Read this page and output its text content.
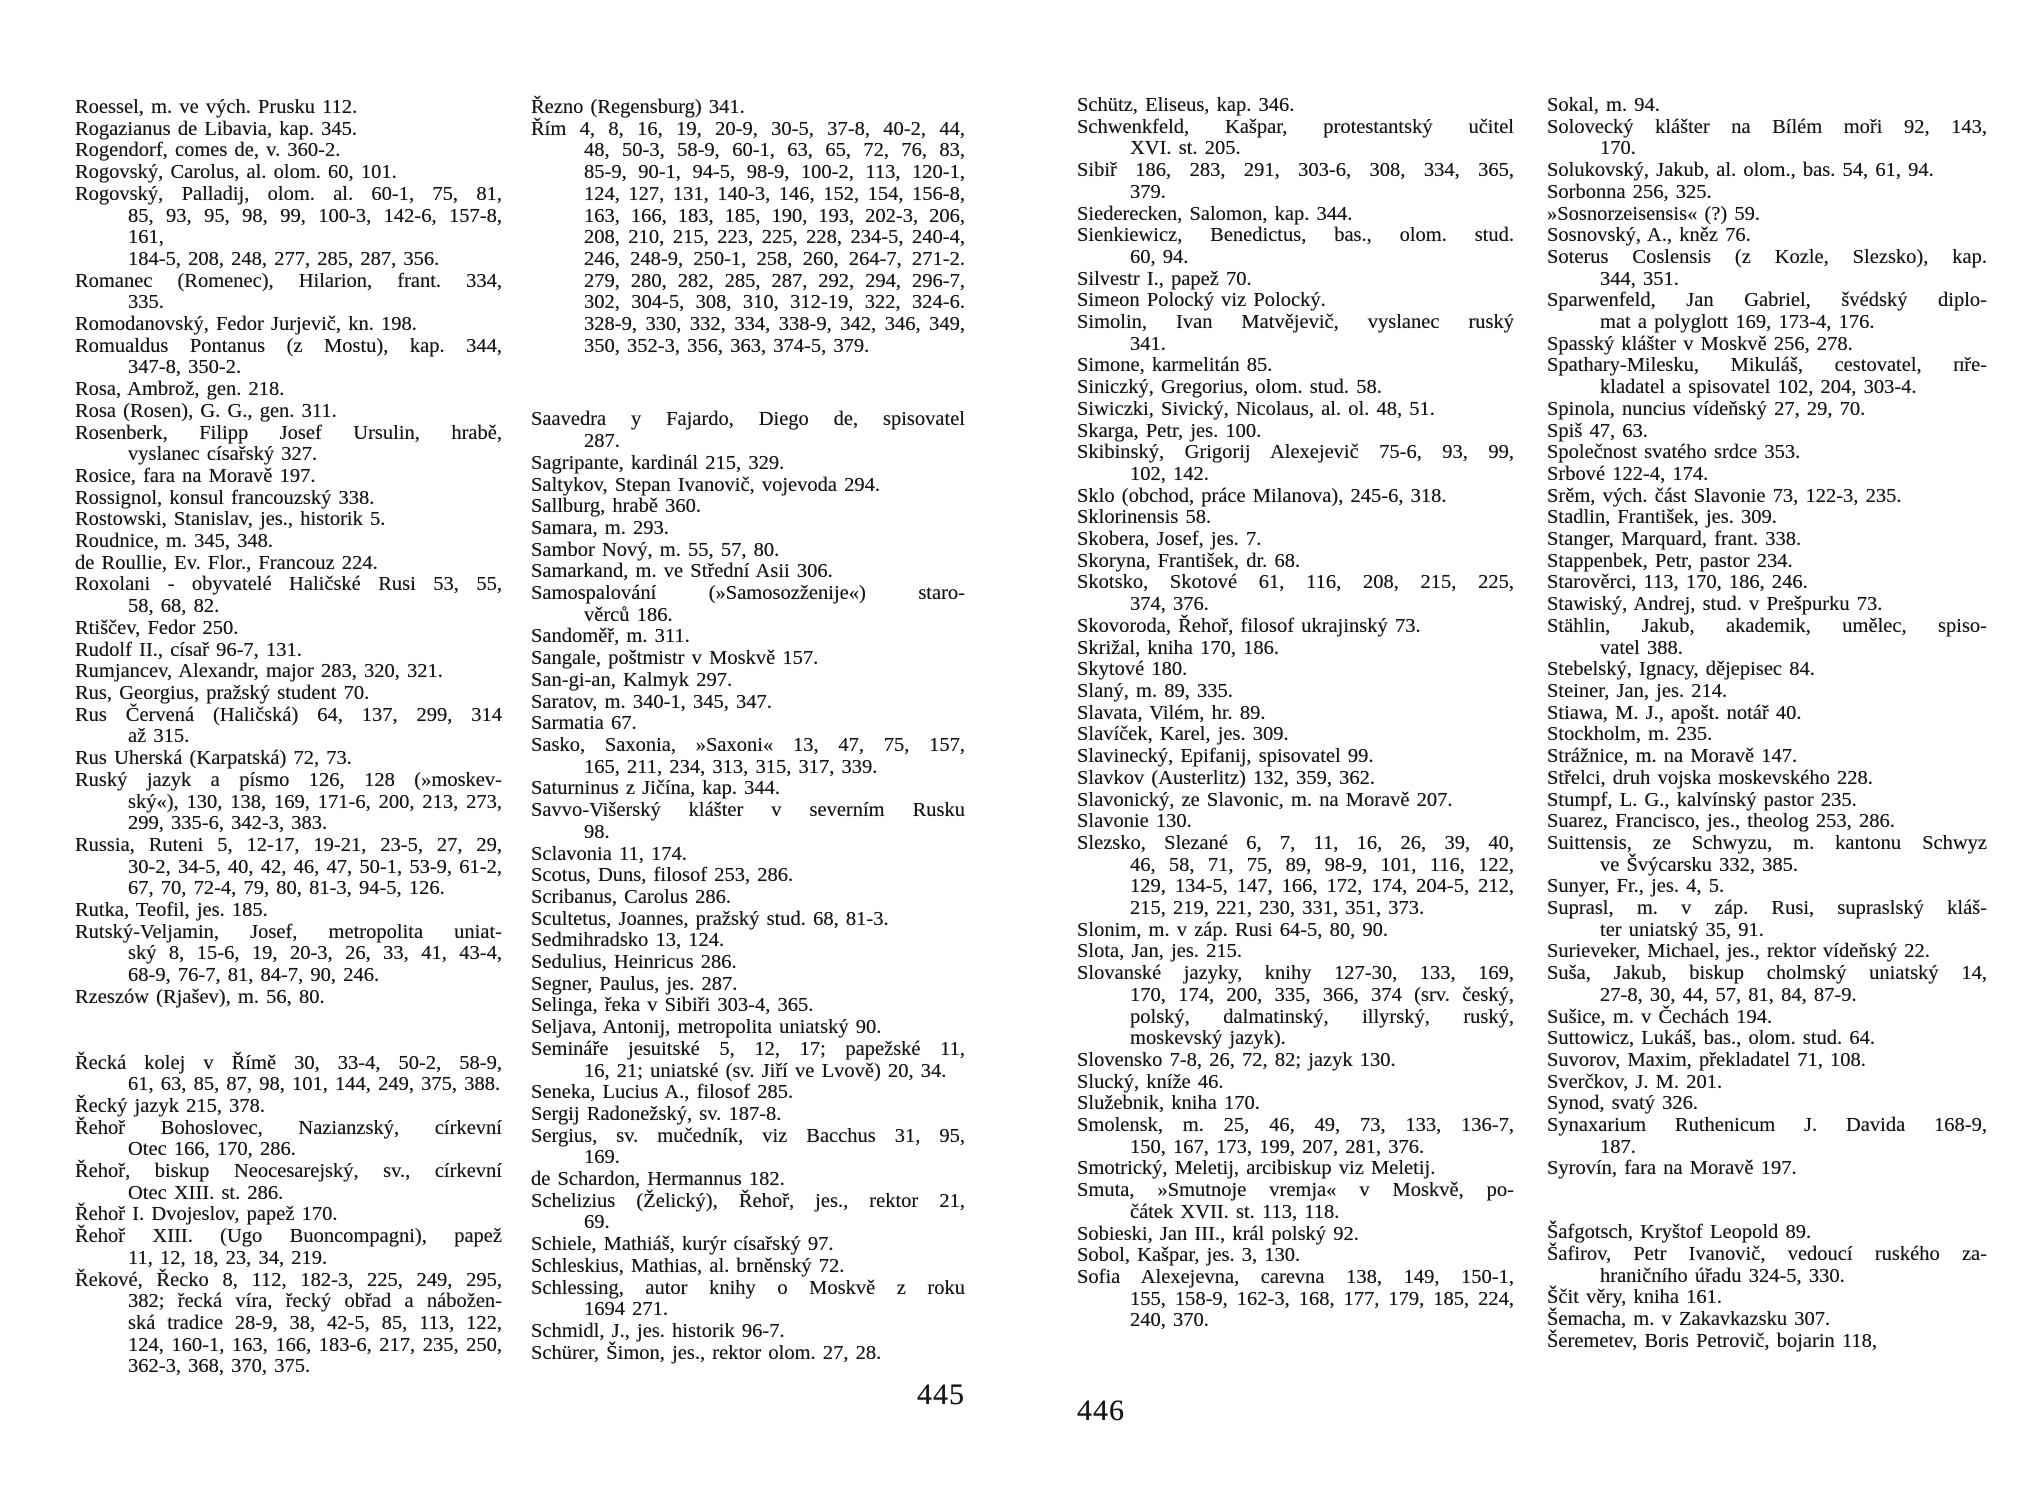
Roessel, m. ve vých. Prusku 112.
Rogazianus de Libavia, kap. 345.
Rogendorf, comes de, v. 360-2.
Rogovský, Carolus, al. olom. 60, 101.
Rogovský, Palladij, olom. al. 60-1, 75, 81,
85, 93, 95, 98, 99, 100-3, 142-6, 157-8, 161,
184-5, 208, 248, 277, 285, 287, 356.
Romanec (Romenec), Hilarion, frant. 334,
335.
Romodanovský, Fedor Jurjevič, kn. 198.
Romualdus Pontanus (z Mostu), kap. 344,
347-8, 350-2.
Rosa, Ambrož, gen. 218.
Rosa (Rosen), G. G., gen. 311.
Rosenberk, Filipp Josef Ursulin, hrabě,
vyslanec císařský 327.
Rosice, fara na Moravě 197.
Rossignol, konsul francouzský 338.
Rostowski, Stanislav, jes., historik 5.
Roudnice, m. 345, 348.
de Roullie, Ev. Flor., Francouz 224.
Roxolani - obyvatelé Haličské Rusi 53, 55,
58, 68, 82.
Rtiščev, Fedor 250.
Rudolf II., císař 96-7, 131.
Rumjancev, Alexandr, major 283, 320, 321.
Rus, Georgius, pražský student 70.
Rus Červená (Haličská) 64, 137, 299, 314
až 315.
Rus Uherská (Karpatská) 72, 73.
Ruský jazyk a písmo 126, 128 (»moskev-
ský«), 130, 138, 169, 171-6, 200, 213, 273,
299, 335-6, 342-3, 383.
Russia, Ruteni 5, 12-17, 19-21, 23-5, 27, 29,
30-2, 34-5, 40, 42, 46, 47, 50-1, 53-9, 61-2,
67, 70, 72-4, 79, 80, 81-3, 94-5, 126.
Rutka, Teofil, jes. 185.
Rutský-Veljamin, Josef, metropolita uniat-
ský 8, 15-6, 19, 20-3, 26, 33, 41, 43-4,
68-9, 76-7, 81, 84-7, 90, 246.
Rzeszów (Rjašev), m. 56, 80.
Řecká kolej v Římě 30, 33-4, 50-2, 58-9,
61, 63, 85, 87, 98, 101, 144, 249, 375, 388.
Řecký jazyk 215, 378.
Řehoř Bohoslovec, Nazianzský, církevní
Otec 166, 170, 286.
Řehoř, biskup Neocesarejský, sv., církevní
Otec XIII. st. 286.
Řehoř I. Dvojeslov, papež 170.
Řehoř XIII. (Ugo Buoncompagni), papež
11, 12, 18, 23, 34, 219.
Řekové, Řecko 8, 112, 182-3, 225, 249, 295,
382; řecká víra, řecký obřad a nábožen-
ská tradice 28-9, 38, 42-5, 85, 113, 122,
124, 160-1, 163, 166, 183-6, 217, 235, 250,
362-3, 368, 370, 375.
Řezno (Regensburg) 341.
Řím 4, 8, 16, 19, 20-9, 30-5, 37-8, 40-2, 44,
48, 50-3, 58-9, 60-1, 63, 65, 72, 76, 83,
85-9, 90-1, 94-5, 98-9, 100-2, 113, 120-1,
124, 127, 131, 140-3, 146, 152, 154, 156-8,
163, 166, 183, 185, 190, 193, 202-3, 206,
208, 210, 215, 223, 225, 228, 234-5, 240-4,
246, 248-9, 250-1, 258, 260, 264-7, 271-2.
279, 280, 282, 285, 287, 292, 294, 296-7,
302, 304-5, 308, 310, 312-19, 322, 324-6.
328-9, 330, 332, 334, 338-9, 342, 346, 349,
350, 352-3, 356, 363, 374-5, 379.
Saavedra y Fajardo, Diego de, spisovatel
287.
Sagripante, kardinál 215, 329.
Saltykov, Stepan Ivanovič, vojevoda 294.
Sallburg, hrabě 360.
Samara, m. 293.
Sambor Nový, m. 55, 57, 80.
Samarkand, m. ve Střední Asii 306.
Samospalování (»Samosozženije«) staro-
věrců 186.
Sandoměř, m. 311.
Sangale, poštmistr v Moskvě 157.
San-gi-an, Kalmyk 297.
Saratov, m. 340-1, 345, 347.
Sarmatia 67.
Sasko, Saxonia, »Saxoni« 13, 47, 75, 157,
165, 211, 234, 313, 315, 317, 339.
Saturninus z Jičína, kap. 344.
Savvo-Višerský klášter v severním Rusku
98.
Sclavonia 11, 174.
Scotus, Duns, filosof 253, 286.
Scribanus, Carolus 286.
Scultetus, Joannes, pražský stud. 68, 81-3.
Sedmihradsko 13, 124.
Sedulius, Heinricus 286.
Segner, Paulus, jes. 287.
Selinga, řeka v Sibiři 303-4, 365.
Seljava, Antonij, metropolita uniatský 90.
Semináře jesuitské 5, 12, 17; papežské 11,
16, 21; uniatské (sv. Jiří ve Lvově) 20, 34.
Seneka, Lucius A., filosof 285.
Sergij Radonežský, sv. 187-8.
Sergius, sv. mučedník, viz Bacchus 31, 95,
169.
de Schardon, Hermannus 182.
Schelizius (Želický), Řehoř, jes., rektor 21,
69.
Schiele, Mathiáš, kurýr císařský 97.
Schleskius, Mathias, al. brněnský 72.
Schlessing, autor knihy o Moskvě z roku
1694 271.
Schmidl, J., jes. historik 96-7.
Schürer, Šimon, jes., rektor olom. 27, 28.
Schütz, Eliseus, kap. 346.
Schwenkfeld, Kašpar, protestantský učitel
XVI. st. 205.
Sibiř 186, 283, 291, 303-6, 308, 334, 365,
379.
Siederecken, Salomon, kap. 344.
Sienkiewicz, Benedictus, bas., olom. stud.
60, 94.
Silvestr I., papež 70.
Simeon Polocký viz Polocký.
Simolin, Ivan Matvějevič, vyslanec ruský
341.
Simone, karmelitán 85.
Siniczký, Gregorius, olom. stud. 58.
Siwiczki, Sivický, Nicolaus, al. ol. 48, 51.
Skarga, Petr, jes. 100.
Skibinský, Grigorij Alexejevič 75-6, 93, 99,
102, 142.
Sklo (obchod, práce Milanova), 245-6, 318.
Sklorinensis 58.
Skobera, Josef, jes. 7.
Skoryna, František, dr. 68.
Skotsko, Skotové 61, 116, 208, 215, 225,
374, 376.
Skovoroda, Řehoř, filosof ukrajinský 73.
Skrižal, kniha 170, 186.
Skytové 180.
Slaný, m. 89, 335.
Slavata, Vilém, hr. 89.
Slavíček, Karel, jes. 309.
Slavinecký, Epifanij, spisovatel 99.
Slavkov (Austerlitz) 132, 359, 362.
Slavonický, ze Slavonic, m. na Moravě 207.
Slavonie 130.
Slezsko, Slezané 6, 7, 11, 16, 26, 39, 40,
46, 58, 71, 75, 89, 98-9, 101, 116, 122,
129, 134-5, 147, 166, 172, 174, 204-5, 212,
215, 219, 221, 230, 331, 351, 373.
Slonim, m. v záp. Rusi 64-5, 80, 90.
Slota, Jan, jes. 215.
Slovanské jazyky, knihy 127-30, 133, 169,
170, 174, 200, 335, 366, 374 (srv. český,
polský, dalmatinský, illyrský, ruský,
moskevský jazyk).
Slovensko 7-8, 26, 72, 82; jazyk 130.
Slucký, kníže 46.
Služebnik, kniha 170.
Smolensk, m. 25, 46, 49, 73, 133, 136-7,
150, 167, 173, 199, 207, 281, 376.
Smotrický, Meletij, arcibiskup viz Meletij.
Smuta, »Smutnoje vremja« v Moskvě, po-
čátek XVII. st. 113, 118.
Sobieski, Jan III., král polský 92.
Sobol, Kašpar, jes. 3, 130.
Sofia Alexejevna, carevna 138, 149, 150-1,
155, 158-9, 162-3, 168, 177, 179, 185, 224,
240, 370.
Sokal, m. 94.
Solovecký klášter na Bílém moři 92, 143,
170.
Solukovský, Jakub, al. olom., bas. 54, 61, 94.
Sorbonna 256, 325.
»Sosnorzeisensis« (?) 59.
Sosnovský, A., kněz 76.
Soterus Coslensis (z Kozle, Slezsko), kap.
344, 351.
Sparwenfeld, Jan Gabriel, švédský diplo-
mat a polyglott 169, 173-4, 176.
Spasský klášter v Moskvě 256, 278.
Spathary-Milesku, Mikuláš, cestovatel, пře-
kladatel a spisovatel 102, 204, 303-4.
Spinola, nuncius vídeňský 27, 29, 70.
Spiš 47, 63.
Společnost svatého srdce 353.
Srbové 122-4, 174.
Srěm, vých. část Slavonie 73, 122-3, 235.
Stadlin, František, jes. 309.
Stanger, Marquard, frant. 338.
Stappenbek, Petr, pastor 234.
Starověrci, 113, 170, 186, 246.
Stawiský, Andrej, stud. v Prešpurku 73.
Stählin, Jakub, akademik, umělec, spiso-
vatel 388.
Stebelský, Ignacy, dějepisec 84.
Steiner, Jan, jes. 214.
Stiawa, M. J., apošt. notář 40.
Stockholm, m. 235.
Strážnice, m. na Moravě 147.
Střelci, druh vojska moskevského 228.
Stumpf, L. G., kalvínský pastor 235.
Suarez, Francisco, jes., theolog 253, 286.
Suittensis, ze Schwyzu, m. kantonu Schwyz
ve Švýcarsku 332, 385.
Sunyer, Fr., jes. 4, 5.
Suprasl, m. v záp. Rusi, supraslský kláš-
ter uniatský 35, 91.
Surieveker, Michael, jes., rektor vídeňský 22.
Suša, Jakub, biskup cholmský uniatský 14,
27-8, 30, 44, 57, 81, 84, 87-9.
Sušice, m. v Čechách 194.
Suttowicz, Lukáš, bas., olom. stud. 64.
Suvorov, Maxim, překladatel 71, 108.
Sverčkov, J. M. 201.
Synod, svatý 326.
Synaxarium Ruthenicum J. Davida 168-9,
187.
Syrovín, fara na Moravě 197.
Šafgotsch, Kryštof Leopold 89.
Šafirov, Petr Ivanovič, vedoucí ruského za-
hraničního úřadu 324-5, 330.
Ščit věry, kniha 161.
Šemacha, m. v Zakavkazsku 307.
Šeremetev, Boris Petrovič, bojarin 118,
445	446
